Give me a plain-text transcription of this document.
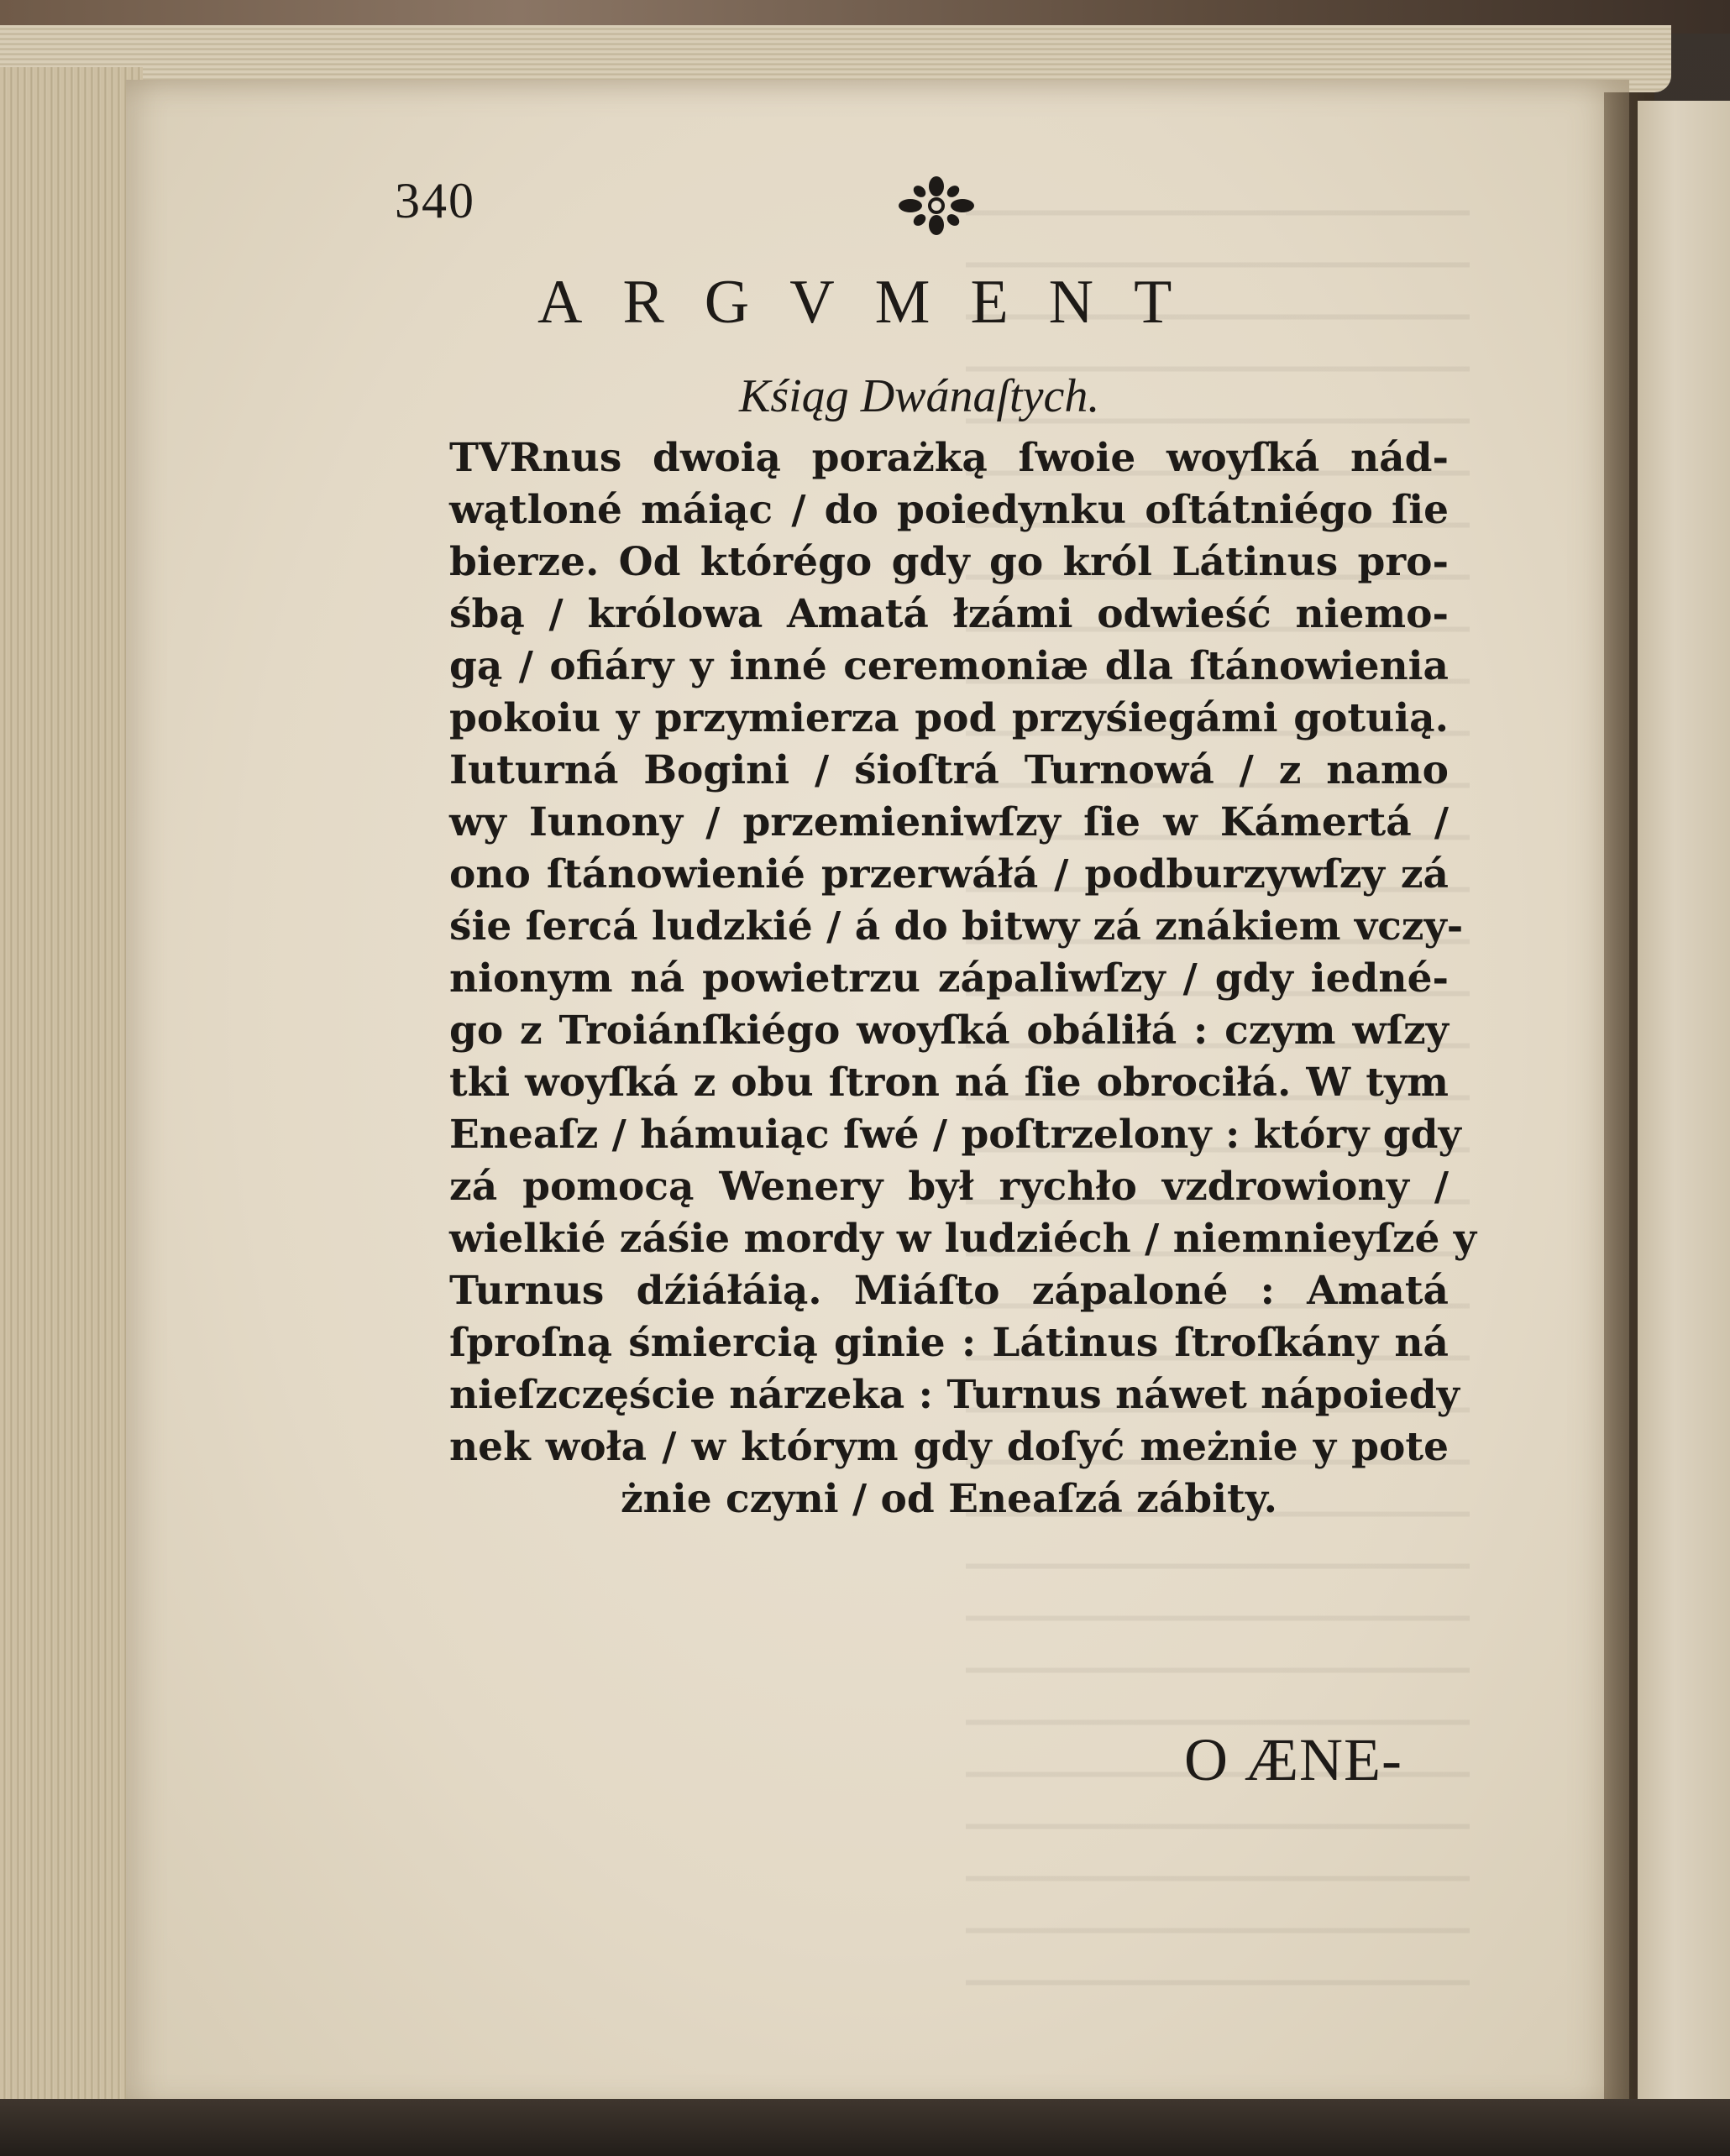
340
ARGVMENT
Kśiąg Dwánaſtych.
TVRnus dwoią porażką ſwoie woyſká nád-
wątloné máiąc / do poiedynku oſtátniégo ſie
bierze. Od którégo gdy go król Látinus pro-
śbą / królowa Amatá łzámi odwieść niemo-
gą / ofiáry y inné ceremoniæ dla ſtánowienia
pokoiu y przymierza pod przyśiegámi gotuią.
Iuturná Bogini / śioſtrá Turnowá / z namo
wy Iunony / przemieniwſzy ſie w Kámertá /
ono ſtánowienié przerwáłá / podburzywſzy zá
śie ſercá ludzkié / á do bitwy zá znákiem vczy-
nionym ná powietrzu zápaliwſzy / gdy iedné-
go z Troiánſkiégo woyſká obáliłá : czym wſzy
tki woyſká z obu ſtron ná ſie obrociłá. W tym
Eneaſz / hámuiąc ſwé / poſtrzelony : który gdy
zá pomocą Wenery był rychło vzdrowiony /
wielkié záśie mordy w ludziéch / niemnieyſzé y
Turnus dźiáłáią. Miáſto zápaloné : Amatá
ſproſną śmiercią ginie : Látinus ſtroſkány ná
nieſzczęście nárzeka : Turnus náwet nápoiedy
nek woła / w którym gdy doſyć meżnie y pote
żnie czyni / od Eneaſzá zábity.
O ÆNE-
